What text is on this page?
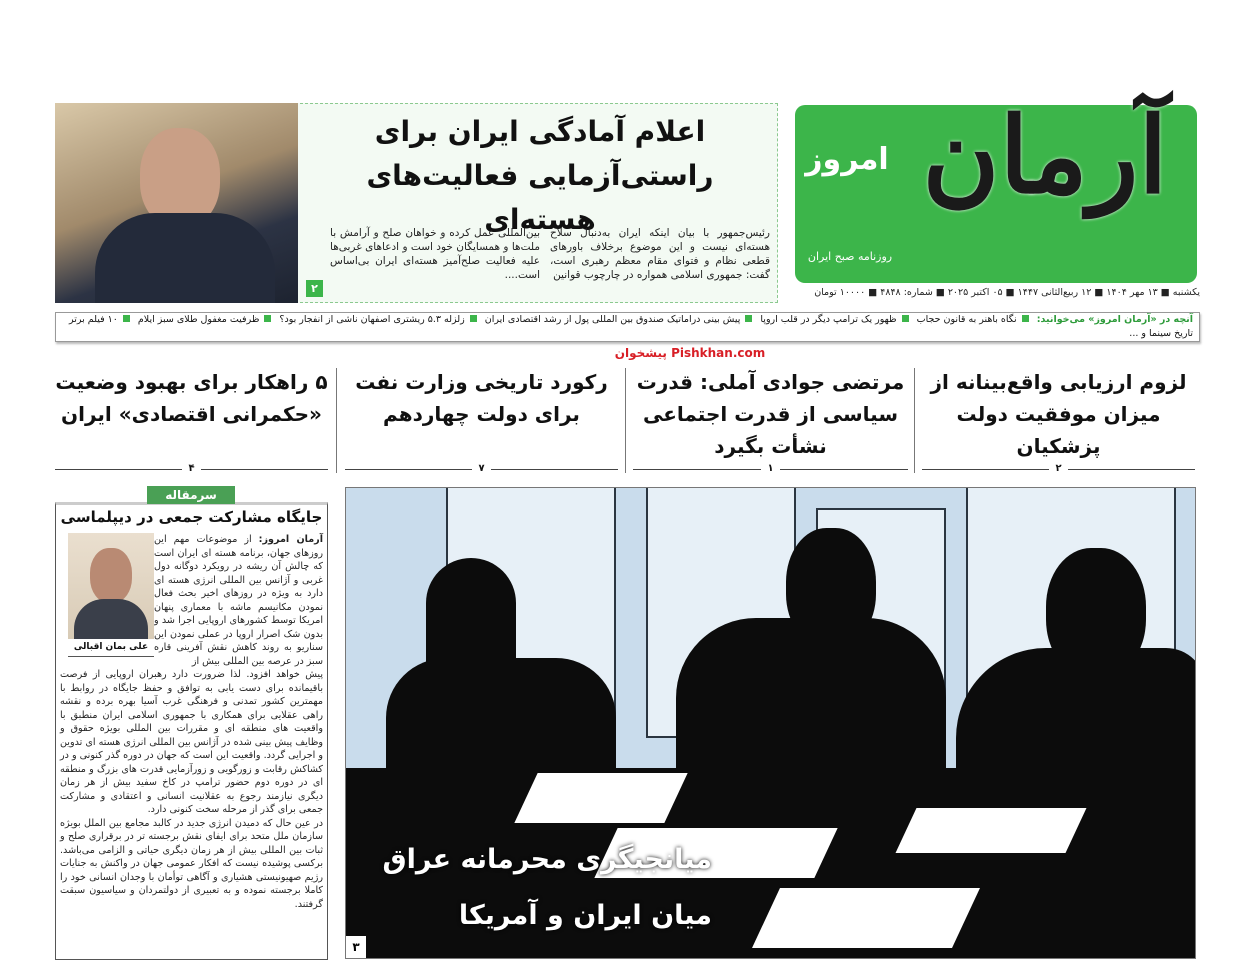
آرمان
امروز
روزنامه صبح ایران
یکشنبه ■ ۱۳ مهر ۱۴۰۴ ■ ۱۲ ربیع‌الثانی ۱۴۴۷ ■ ۰۵ اکتبر ۲۰۲۵ ■ شماره: ۴۸۴۸ ■ ۱۰۰۰۰ تومان
اعلام آمادگی ایران برای راستی‌آزمایی فعالیت‌های هسته‌ای
رئیس‌جمهور با بیان اینکه ایران به‌دنبال سلاح هسته‌ای نیست و این موضوع برخلاف باورهای قطعی نظام و فتوای مقام معظم رهبری است، گفت: جمهوری اسلامی همواره در چارچوب قوانین
بین‌المللی عمل کرده و خواهان صلح و آرامش با ملت‌ها و همسایگان خود است و ادعاهای غربی‌ها علیه فعالیت صلح‌آمیز هسته‌ای ایران بی‌اساس است....
۲
آنچه در «آرمان امروز» می‌خوانید: نگاه باهنر به قانون حجاب ظهور یک ترامپ دیگر در قلب اروپا پیش بینی دراماتیک صندوق بین المللی پول از رشد اقتصادی ایران زلزله ۵.۳ ریشتری اصفهان ناشی از انفجار بود؟ ظرفیت مغفول طلای سبز ایلام ۱۰ فیلم برتر تاریخ سینما و ...
پیشخوان Pishkhan.com
لزوم ارزیابی واقع‌بینانه از میزان موفقیت دولت پزشکیان
۲
مرتضی جوادی آملی: قدرت سیاسی از قدرت اجتماعی نشأت بگیرد
۱
رکورد تاریخی وزارت نفت برای دولت چهاردهم
۷
۵ راهکار برای بهبود وضعیت «حکمرانی اقتصادی» ایران
۴
سرمقاله
جایگاه مشارکت جمعی در دیپلماسی
علی بمان اقبالی

آرمان امروز: از موضوعات مهم این روزهای جهان، برنامه هسته ای ایران است که چالش آن ریشه در رویکرد دوگانه دول غربی و آژانس بین المللی انرژی هسته ای دارد به ویژه در روزهای اخیر بحث فعال نمودن مکانیسم ماشه با معماری پنهان امریکا توسط کشورهای اروپایی اجرا شد و بدون شک اصرار اروپا در عملی نمودن این سناریو به روند کاهش نقش آفرینی قاره سبز در عرصه بین المللی بیش از

پیش خواهد افزود. لذا ضرورت دارد رهبران اروپایی از فرصت باقیمانده برای دست یابی به توافق و حفظ جایگاه در روابط با مهمترین کشور تمدنی و فرهنگی غرب آسیا بهره برده و نقشه راهی عقلایی برای همکاری با جمهوری اسلامی ایران منطبق با واقعیت های منطقه ای و مقررات بین المللی بویژه حقوق و وظایف پیش بینی شده در آژانس بین المللی انرژی هسته ای تدوین و اجرایی گردد. واقعیت این است که جهان در دوره گذر کنونی و در کشاکش رقابت و زورگویی و زورآزمایی قدرت های بزرگ و منطقه ای در دوره دوم حضور ترامپ در کاخ سفید بیش از هر زمان دیگری نیازمند رجوع به عقلانیت انسانی و اعتقادی و مشارکت جمعی برای گذر از مرحله سخت کنونی دارد.

در عین حال که دمیدن انرژی جدید در کالبد مجامع بین الملل بویژه سازمان ملل متحد برای ایفای نقش برجسته تر در برقراری صلح و ثبات بین المللی بیش از هر زمان دیگری حیاتی و الزامی می‌باشد. برکسی پوشیده نیست که افکار عمومی جهان در واکنش به جنایات رژیم صهیونیستی هشیاری و آگاهی توأمان با وجدان انسانی خود را کاملا برجسته نموده و به تعبیری از دولتمردان و سیاسیون سبقت گرفتند.

میانجیگری محرمانه عراق
میان ایران و آمریکا
۳
